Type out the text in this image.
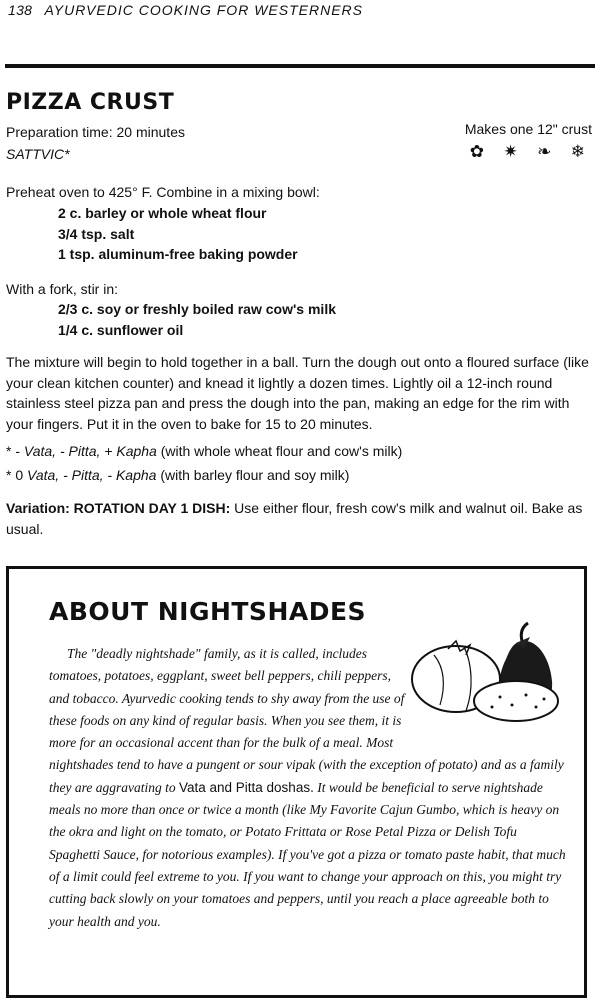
138 AYURVEDIC COOKING FOR WESTERNERS
PIZZA CRUST
Preparation time: 20 minutes
SATTVIC*
Makes one 12" crust
✿ ✷ ❧ ❄

Preheat oven to 425° F. Combine in a mixing bowl:

2 c. barley or whole wheat flour
3/4 tsp. salt
1 tsp. aluminum-free baking powder

With a fork, stir in:

2/3 c. soy or freshly boiled raw cow's milk
1/4 c. sunflower oil

The mixture will begin to hold together in a ball. Turn the dough out onto a floured surface (like your clean kitchen counter) and knead it lightly a dozen times. Lightly oil a 12-inch round stainless steel pizza pan and press the dough into the pan, making an edge for the rim with your fingers. Put it in the oven to bake for 15 to 20 minutes.

* - Vata, - Pitta, + Kapha (with whole wheat flour and cow's milk)

* 0 Vata, - Pitta, - Kapha (with barley flour and soy milk)

Variation: ROTATION DAY 1 DISH: Use either flour, fresh cow's milk and walnut oil. Bake as usual.

ABOUT NIGHTSHADES

The "deadly nightshade" family, as it is called, includes tomatoes, potatoes, eggplant, sweet bell peppers, chili peppers, and tobacco. Ayurvedic cooking tends to shy away from the use of these foods on any kind of regular basis. When you see them, it is more for an occasional accent than for the bulk of a meal. Most nightshades tend to have a pungent or sour vipak (with the exception of potato) and as a family they are aggravating to Vata and Pitta doshas. It would be beneficial to serve nightshade meals no more than once or twice a month (like My Favorite Cajun Gumbo, which is heavy on the okra and light on the tomato, or Potato Frittata or Rose Petal Pizza or Delish Tofu Spaghetti Sauce, for notorious examples). If you've got a pizza or tomato paste habit, that much of a limit could feel extreme to you. If you want to change your approach on this, you might try cutting back slowly on your tomatoes and peppers, until you reach a place agreeable both to your health and you.
